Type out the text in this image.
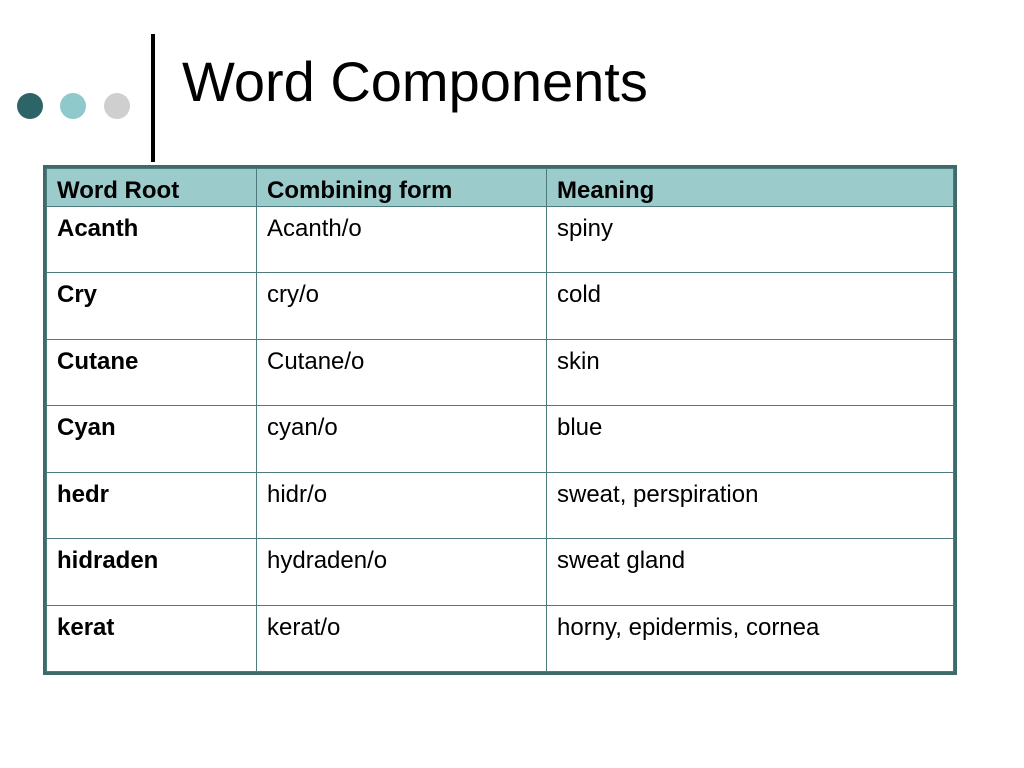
Word Components
Word Root	Combining form	Meaning
Acanth	Acanth/o	spiny
Cry	cry/o	cold
Cutane	Cutane/o	skin
Cyan	cyan/o	blue
hedr	hidr/o	sweat, perspiration
hidraden	hydraden/o	sweat gland
kerat	kerat/o	horny, epidermis, cornea
